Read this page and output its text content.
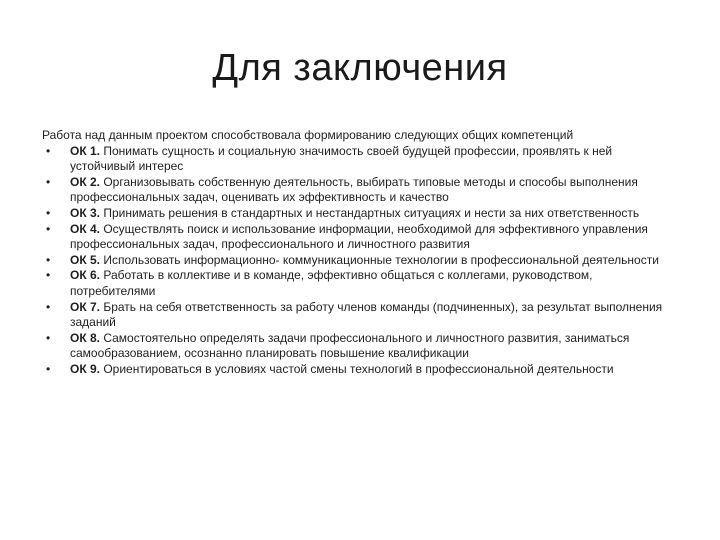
Для заключения

Работа над данным проектом способствовала формированию следующих общих компетенций

•	ОК 1. Понимать сущность и социальную значимость своей будущей профессии, проявлять к ней устойчивый интерес
•	ОК 2. Организовывать собственную деятельность, выбирать типовые методы и способы выполнения профессиональных задач, оценивать их эффективность и качество
•	ОК 3. Принимать решения в стандартных и нестандартных ситуациях и нести за них ответственность
•	ОК 4. Осуществлять поиск и использование информации, необходимой для эффективного управления профессиональных задач, профессионального и личностного развития
•	ОК 5. Использовать информационно- коммуникационные технологии в профессиональной деятельности
•	ОК 6. Работать в коллективе и в команде, эффективно общаться с коллегами, руководством, потребителями
•	ОК 7. Брать на себя ответственность за работу членов команды (подчиненных), за результат выполнения заданий
•	ОК 8. Самостоятельно определять задачи профессионального и личностного развития, заниматься самообразованием, осознанно планировать повышение квалификации
•	ОК 9. Ориентироваться в условиях частой смены технологий в профессиональной деятельности
